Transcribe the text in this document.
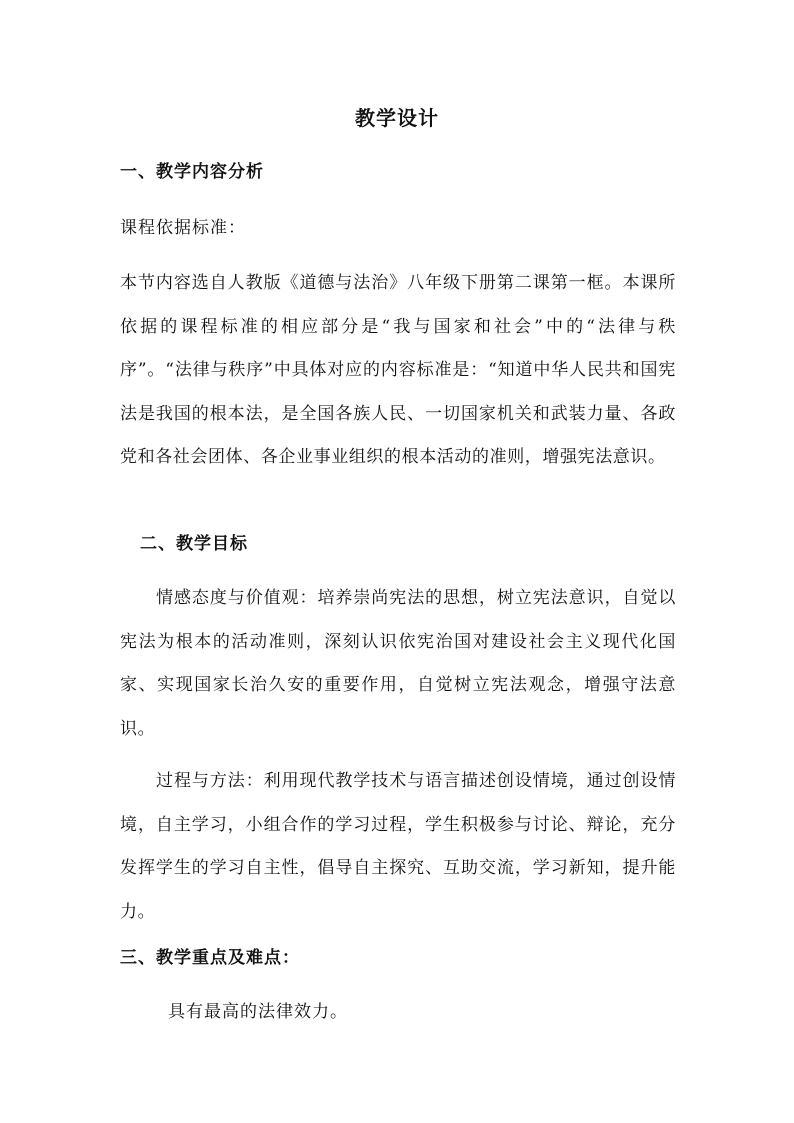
教学设计
一、教学内容分析
课程依据标准：
本节内容选自人教版《道德与法治》八年级下册第二课第一框。本课所依据的课程标准的相应部分是“我与国家和社会”中的“法律与秩序”。“法律与秩序”中具体对应的内容标准是：“知道中华人民共和国宪法是我国的根本法，是全国各族人民、一切国家机关和武装力量、各政党和各社会团体、各企业事业组织的根本活动的准则，增强宪法意识。
二、教学目标
情感态度与价值观：培养崇尚宪法的思想，树立宪法意识，自觉以宪法为根本的活动准则，深刻认识依宪治国对建设社会主义现代化国家、实现国家长治久安的重要作用，自觉树立宪法观念，增强守法意识。
过程与方法：利用现代教学技术与语言描述创设情境，通过创设情境，自主学习，小组合作的学习过程，学生积极参与讨论、辩论，充分发挥学生的学习自主性，倡导自主探究、互助交流，学习新知，提升能力。
三、教学重点及难点：
具有最高的法律效力。
